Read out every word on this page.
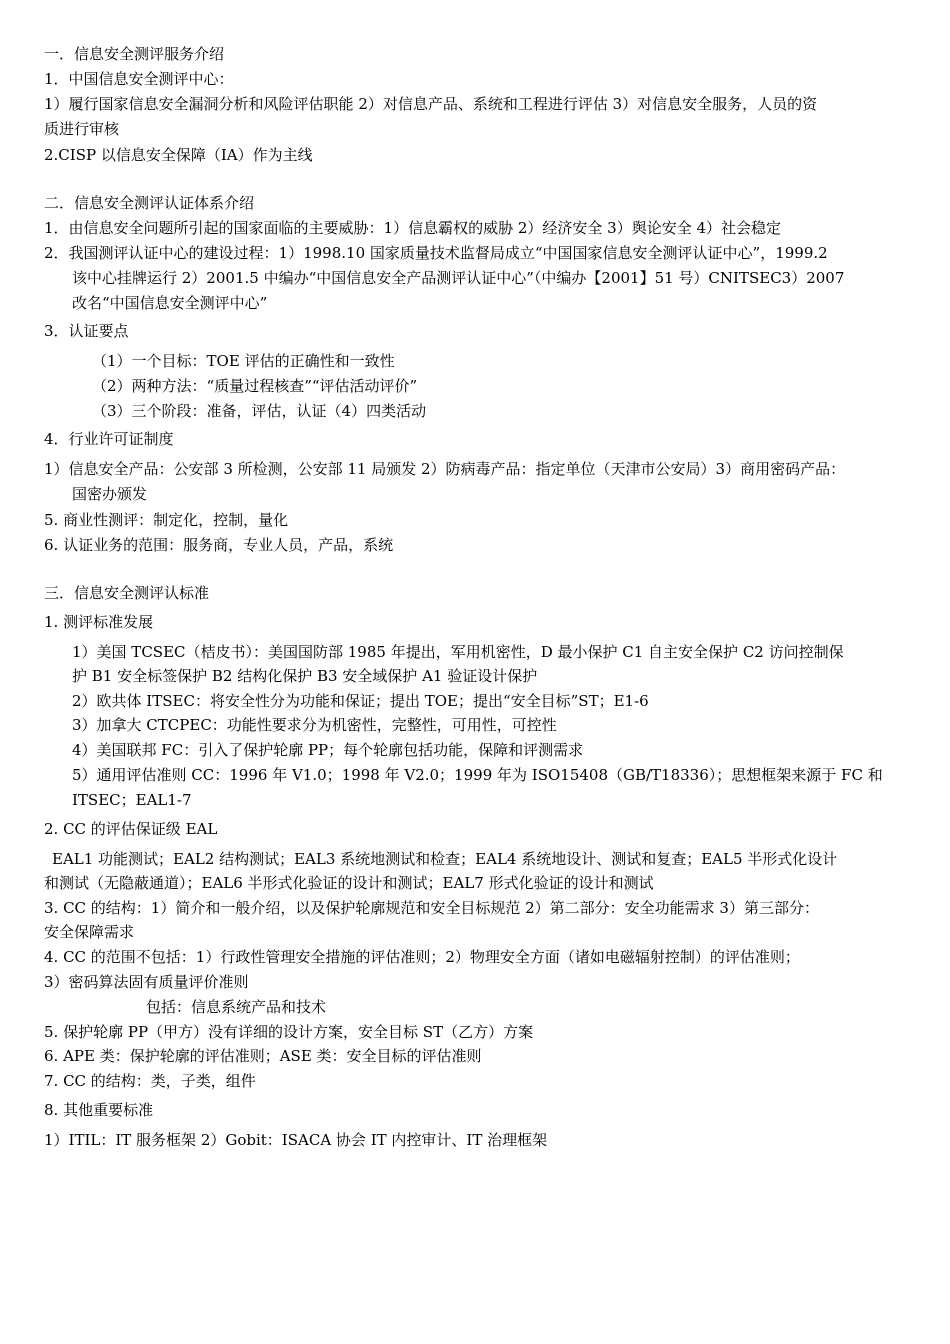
一．信息安全测评服务介绍
1．中国信息安全测评中心：
1）履行国家信息安全漏洞分析和风险评估职能 2）对信息产品、系统和工程进行评估 3）对信息安全服务，人员的资
质进行审核
2.CISP 以信息安全保障（IA）作为主线
二．信息安全测评认证体系介绍
1．由信息安全问题所引起的国家面临的主要威胁：1）信息霸权的威胁 2）经济安全 3）舆论安全 4）社会稳定
2．我国测评认证中心的建设过程：1）1998.10 国家质量技术监督局成立“中国国家信息安全测评认证中心”，1999.2
该中心挂牌运行 2）2001.5 中编办“中国信息安全产品测评认证中心”（中编办【2001】51 号）CNITSEC3）2007
改名“中国信息安全测评中心”
3．认证要点
（1）一个目标：TOE 评估的正确性和一致性
（2）两种方法：“质量过程核查”“评估活动评价”
（3）三个阶段：准备，评估，认证（4）四类活动
4．行业许可证制度
1）信息安全产品：公安部 3 所检测，公安部 11 局颁发 2）防病毒产品：指定单位（天津市公安局）3）商用密码产品：
国密办颁发
5. 商业性测评：制定化，控制，量化
6. 认证业务的范围：服务商，专业人员，产品，系统
三．信息安全测评认标准
1. 测评标准发展
1）美国 TCSEC（桔皮书）：美国国防部 1985 年提出，军用机密性，D 最小保护 C1 自主安全保护 C2 访问控制保
护 B1 安全标签保护 B2 结构化保护 B3 安全域保护 A1 验证设计保护
2）欧共体 ITSEC：将安全性分为功能和保证；提出 TOE；提出“安全目标”ST；E1-6
3）加拿大 CTCPEC：功能性要求分为机密性，完整性，可用性，可控性
4）美国联邦 FC：引入了保护轮廓 PP；每个轮廓包括功能，保障和评测需求
5）通用评估准则 CC：1996 年 V1.0；1998 年 V2.0；1999 年为 ISO15408（GB/T18336）；思想框架来源于 FC 和
ITSEC；EAL1-7
2. CC 的评估保证级 EAL
EAL1 功能测试；EAL2 结构测试；EAL3 系统地测试和检查；EAL4 系统地设计、测试和复查；EAL5 半形式化设计
和测试（无隐蔽通道）；EAL6 半形式化验证的设计和测试；EAL7 形式化验证的设计和测试
3. CC 的结构：1）简介和一般介绍，以及保护轮廓规范和安全目标规范 2）第二部分：安全功能需求 3）第三部分：
安全保障需求
4. CC 的范围不包括：1）行政性管理安全措施的评估准则；2）物理安全方面（诸如电磁辐射控制）的评估准则；
3）密码算法固有质量评价准则
包括：信息系统产品和技术
5. 保护轮廓 PP（甲方）没有详细的设计方案，安全目标 ST（乙方）方案
6. APE 类：保护轮廓的评估准则；ASE 类：安全目标的评估准则
7. CC 的结构：类，子类，组件
8. 其他重要标准
1）ITIL：IT 服务框架 2）Gobit：ISACA 协会 IT 内控审计、IT 治理框架
